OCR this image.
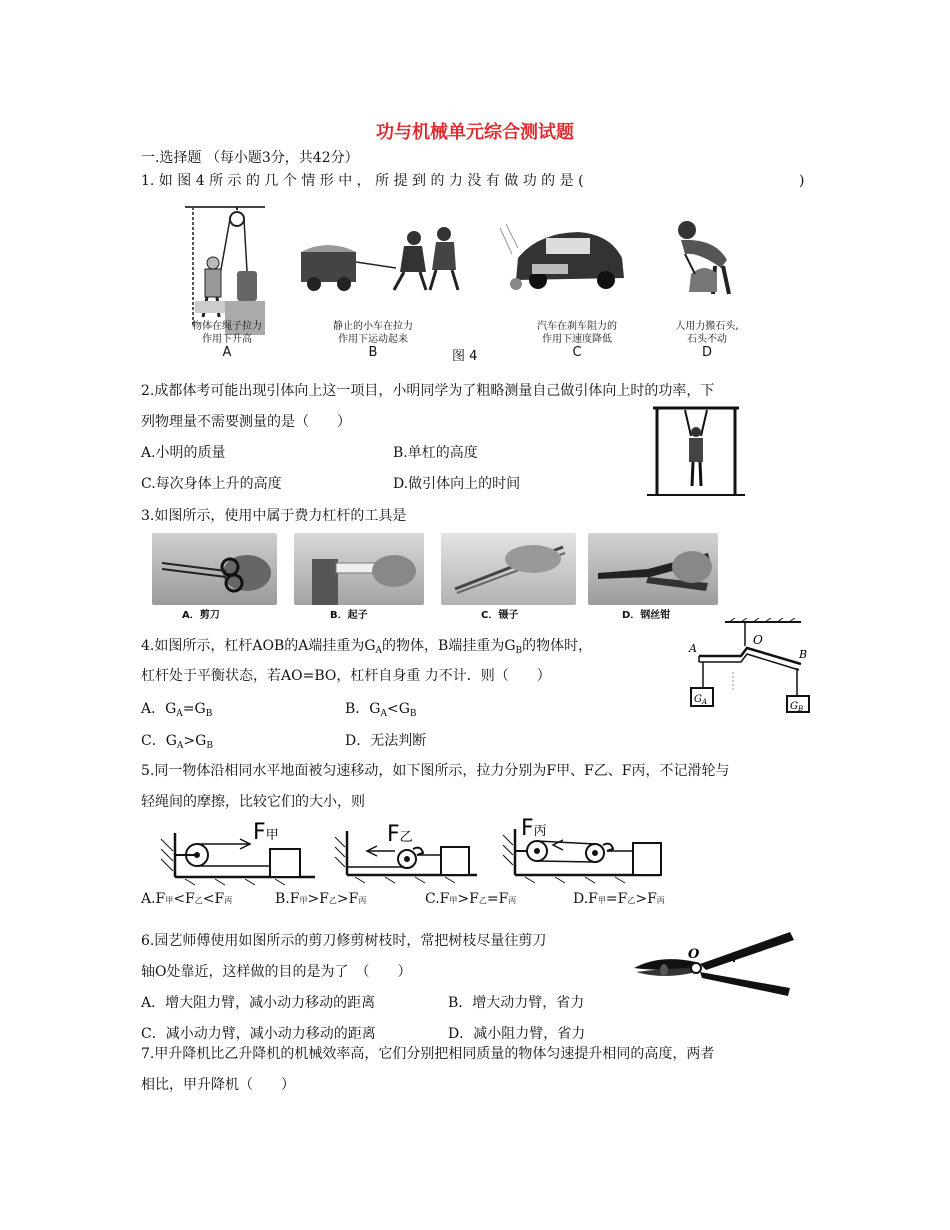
功与机械单元综合测试题
一.选择题 （每小题3分，共42分）
1. 如 图 4 所 示 的 几 个 情 形 中 ， 所 提 到 的 力 没 有 做 功 的 是 (	)
物体在绳子拉力
作用下升高
A
静止的小车在拉力
作用下运动起来
B
汽车在刹车阻力的
作用下速度降低
C
人用力搬石头,
石头不动
D
图 4
2.成都体考可能出现引体向上这一项目，小明同学为了粗略测量自己做引体向上时的功率，下
列物理量不需要测量的是（　　）
A.小明的质量	B.单杠的高度
C.每次身体上升的高度	D.做引体向上的时间
3.如图所示，使用中属于费力杠杆的工具是
A．剪刀	B．起子	C．镊子	D．钢丝钳
4.如图所示，杠杆AOB的A端挂重为$G_A$的物体，B端挂重为$G_B$的物体时，
杠杆处于平衡状态，若AO=BO，杠杆自身重 力不计．则（　　）
A．$G_A=G_B$	B．$G_A<G_B$
C．$G_A>G_B$	D．无法判断
A
O
B
$G_A$	$G_B$
5.同一物体沿相同水平地面被匀速移动，如下图所示，拉力分别为F甲、F乙、F丙，不记滑轮与
轻绳间的摩擦，比较它们的大小，则
F甲	F乙	F丙
A.F甲<F乙<F丙	B.F甲>F乙>F丙	C.F甲>F乙=F丙	D.F甲=F乙>F丙
6.园艺师傅使用如图所示的剪刀修剪树枝时，常把树枝尽量往剪刀
轴O处靠近，这样做的目的是为了　（　　）
A．增大阻力臂，减小动力移动的距离	B．增大动力臂，省力
C．减小动力臂，减小动力移动的距离	D．减小阻力臂，省力
O
7.甲升降机比乙升降机的机械效率高，它们分别把相同质量的物体匀速提升相同的高度，两者
相比，甲升降机（　　）
